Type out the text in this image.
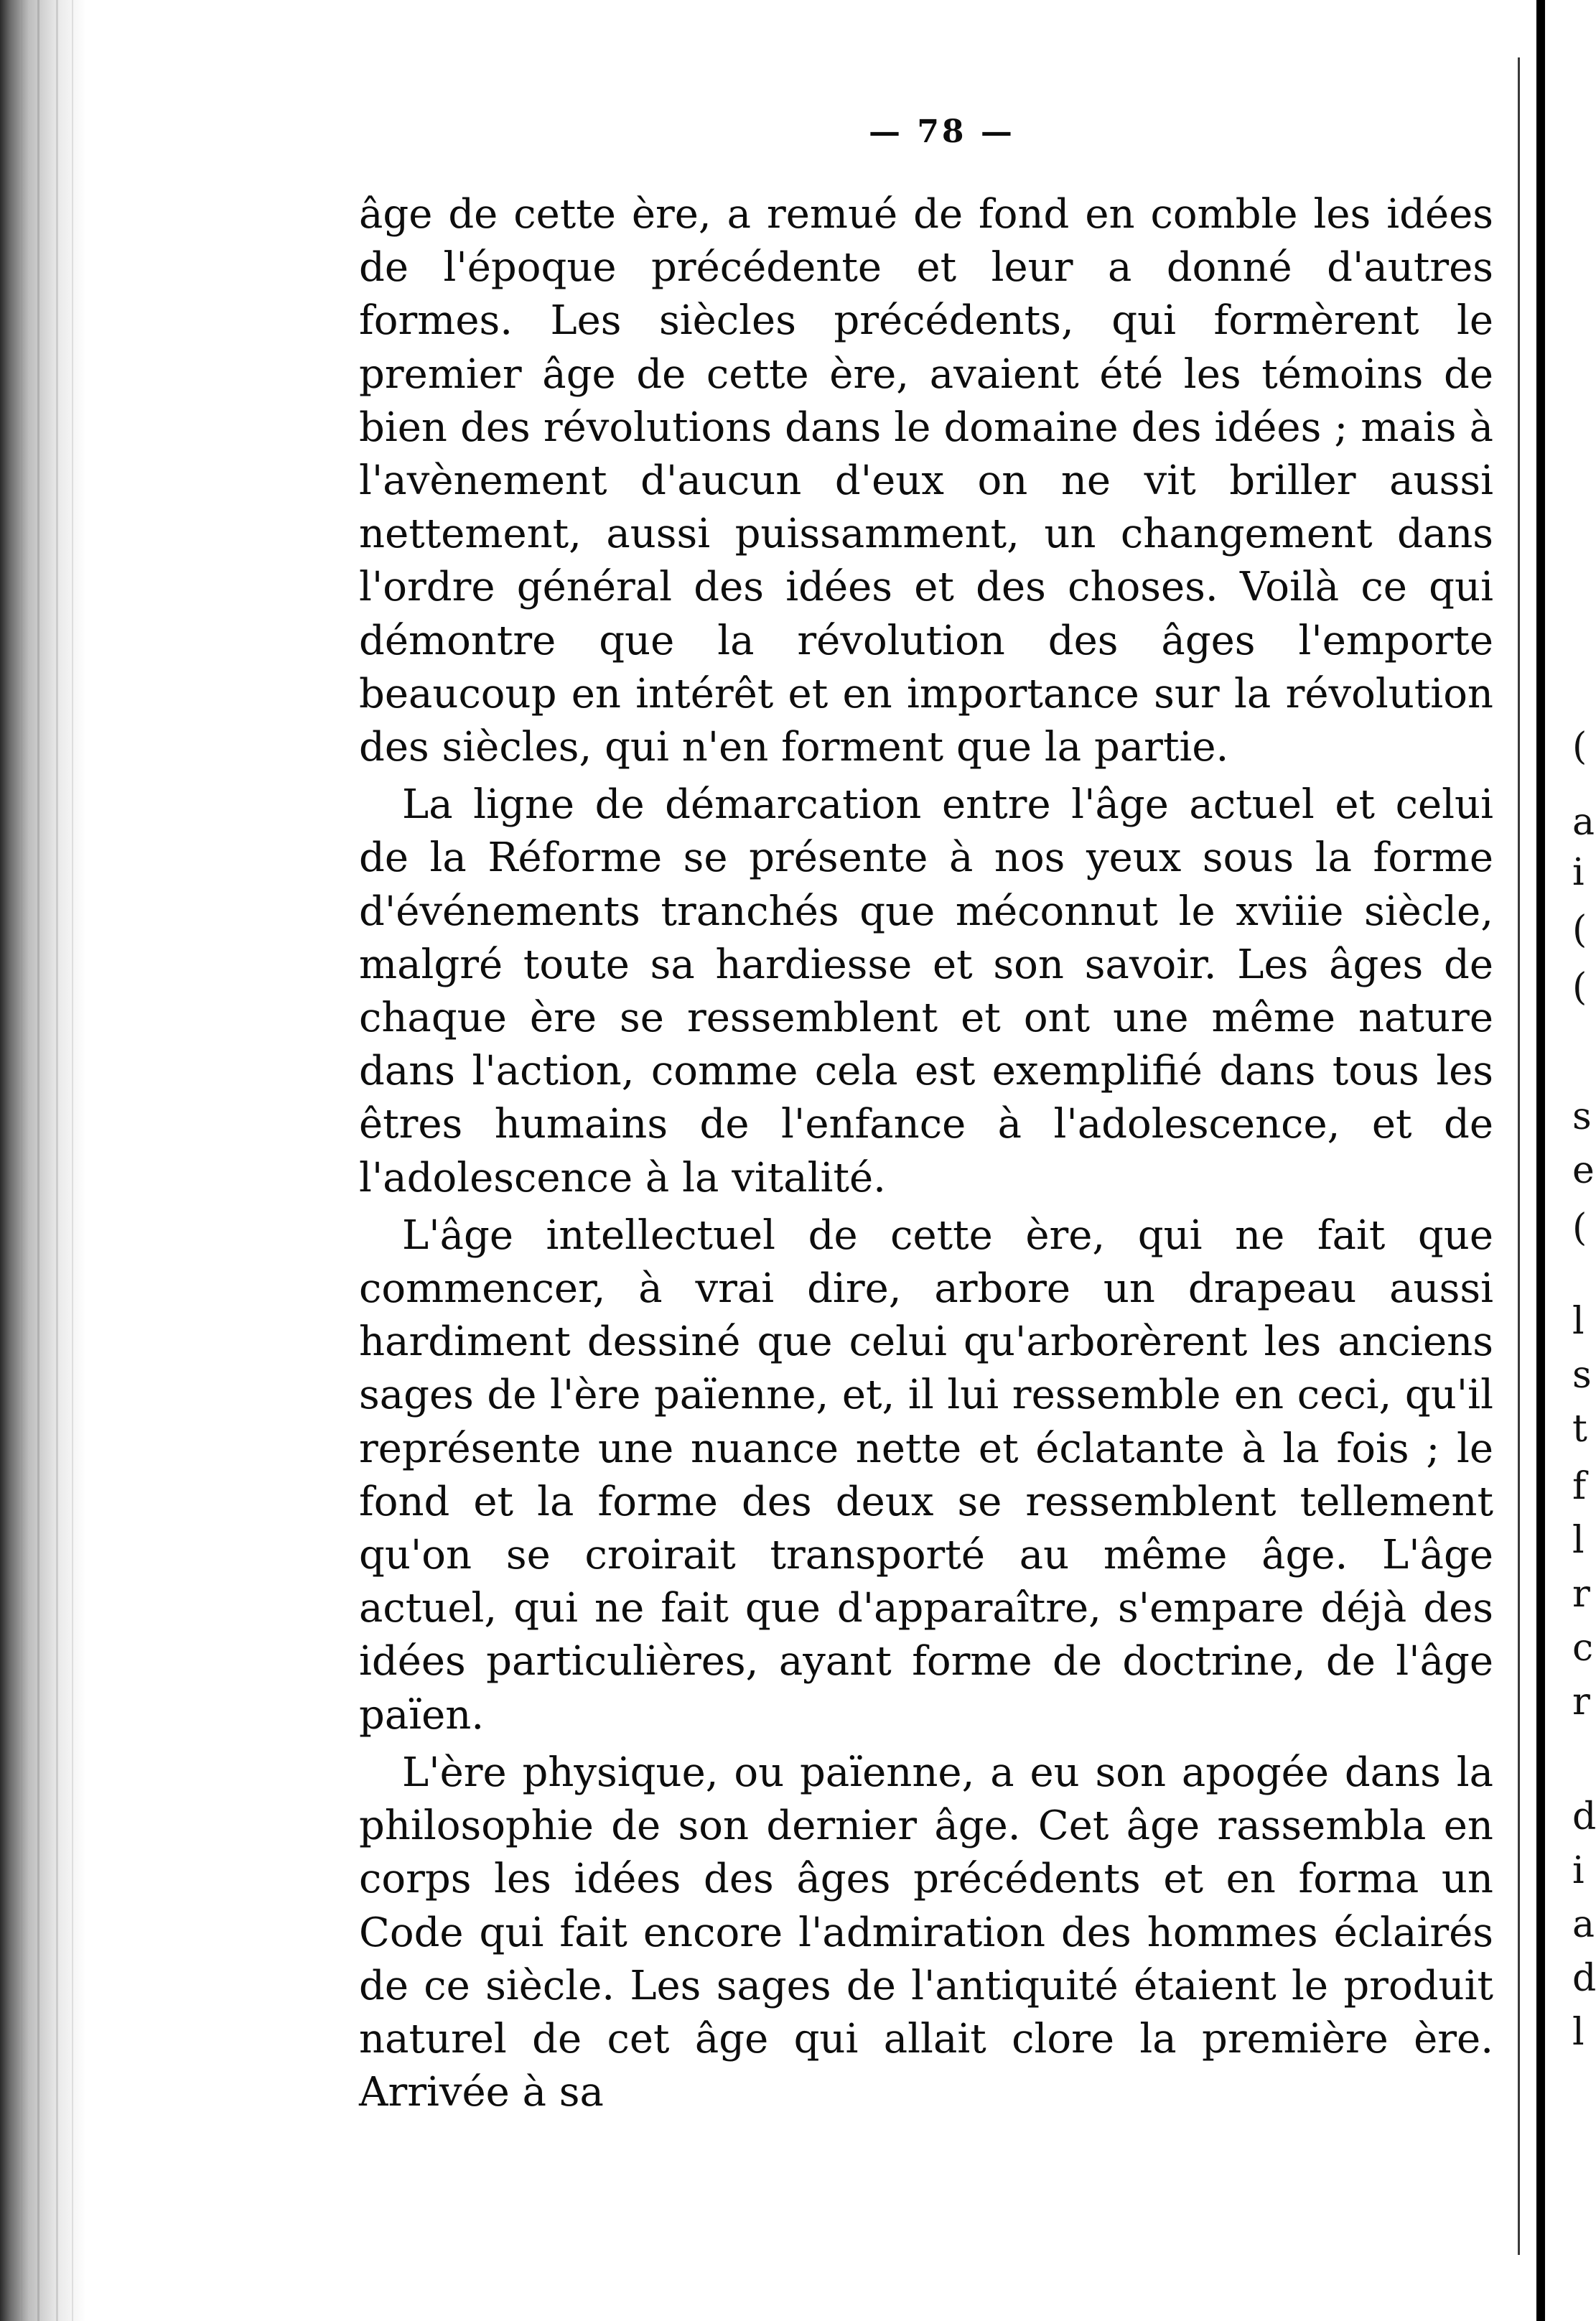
— 78 —

âge de cette ère, a remué de fond en comble les idées de l'époque précédente et leur a donné d'autres formes. Les siècles précédents, qui formèrent le premier âge de cette ère, avaient été les témoins de bien des révolutions dans le domaine des idées ; mais à l'avènement d'aucun d'eux on ne vit briller aussi nettement, aussi puissamment, un changement dans l'ordre général des idées et des choses. Voilà ce qui démontre que la révolution des âges l'emporte beaucoup en intérêt et en importance sur la révolution des siècles, qui n'en forment que la partie.

La ligne de démarcation entre l'âge actuel et celui de la Réforme se présente à nos yeux sous la forme d'événements tranchés que méconnut le xviiie siècle, malgré toute sa hardiesse et son savoir. Les âges de chaque ère se ressemblent et ont une même nature dans l'action, comme cela est exemplifié dans tous les êtres humains de l'enfance à l'adolescence, et de l'adolescence à la vitalité.

L'âge intellectuel de cette ère, qui ne fait que commencer, à vrai dire, arbore un drapeau aussi hardiment dessiné que celui qu'arborèrent les anciens sages de l'ère païenne, et, il lui ressemble en ceci, qu'il représente une nuance nette et éclatante à la fois ; le fond et la forme des deux se ressemblent tellement qu'on se croirait transporté au même âge. L'âge actuel, qui ne fait que d'apparaître, s'empare déjà des idées particulières, ayant forme de doctrine, de l'âge païen.

L'ère physique, ou païenne, a eu son apogée dans la philosophie de son dernier âge. Cet âge rassembla en corps les idées des âges précédents et en forma un Code qui fait encore l'admiration des hommes éclairés de ce siècle. Les sages de l'antiquité étaient le produit naturel de cet âge qui allait clore la première ère. Arrivée à sa

(
a
i
(
(
s
e
(
l
s
t
f
l
r
c
r
d
i
a
d
l
